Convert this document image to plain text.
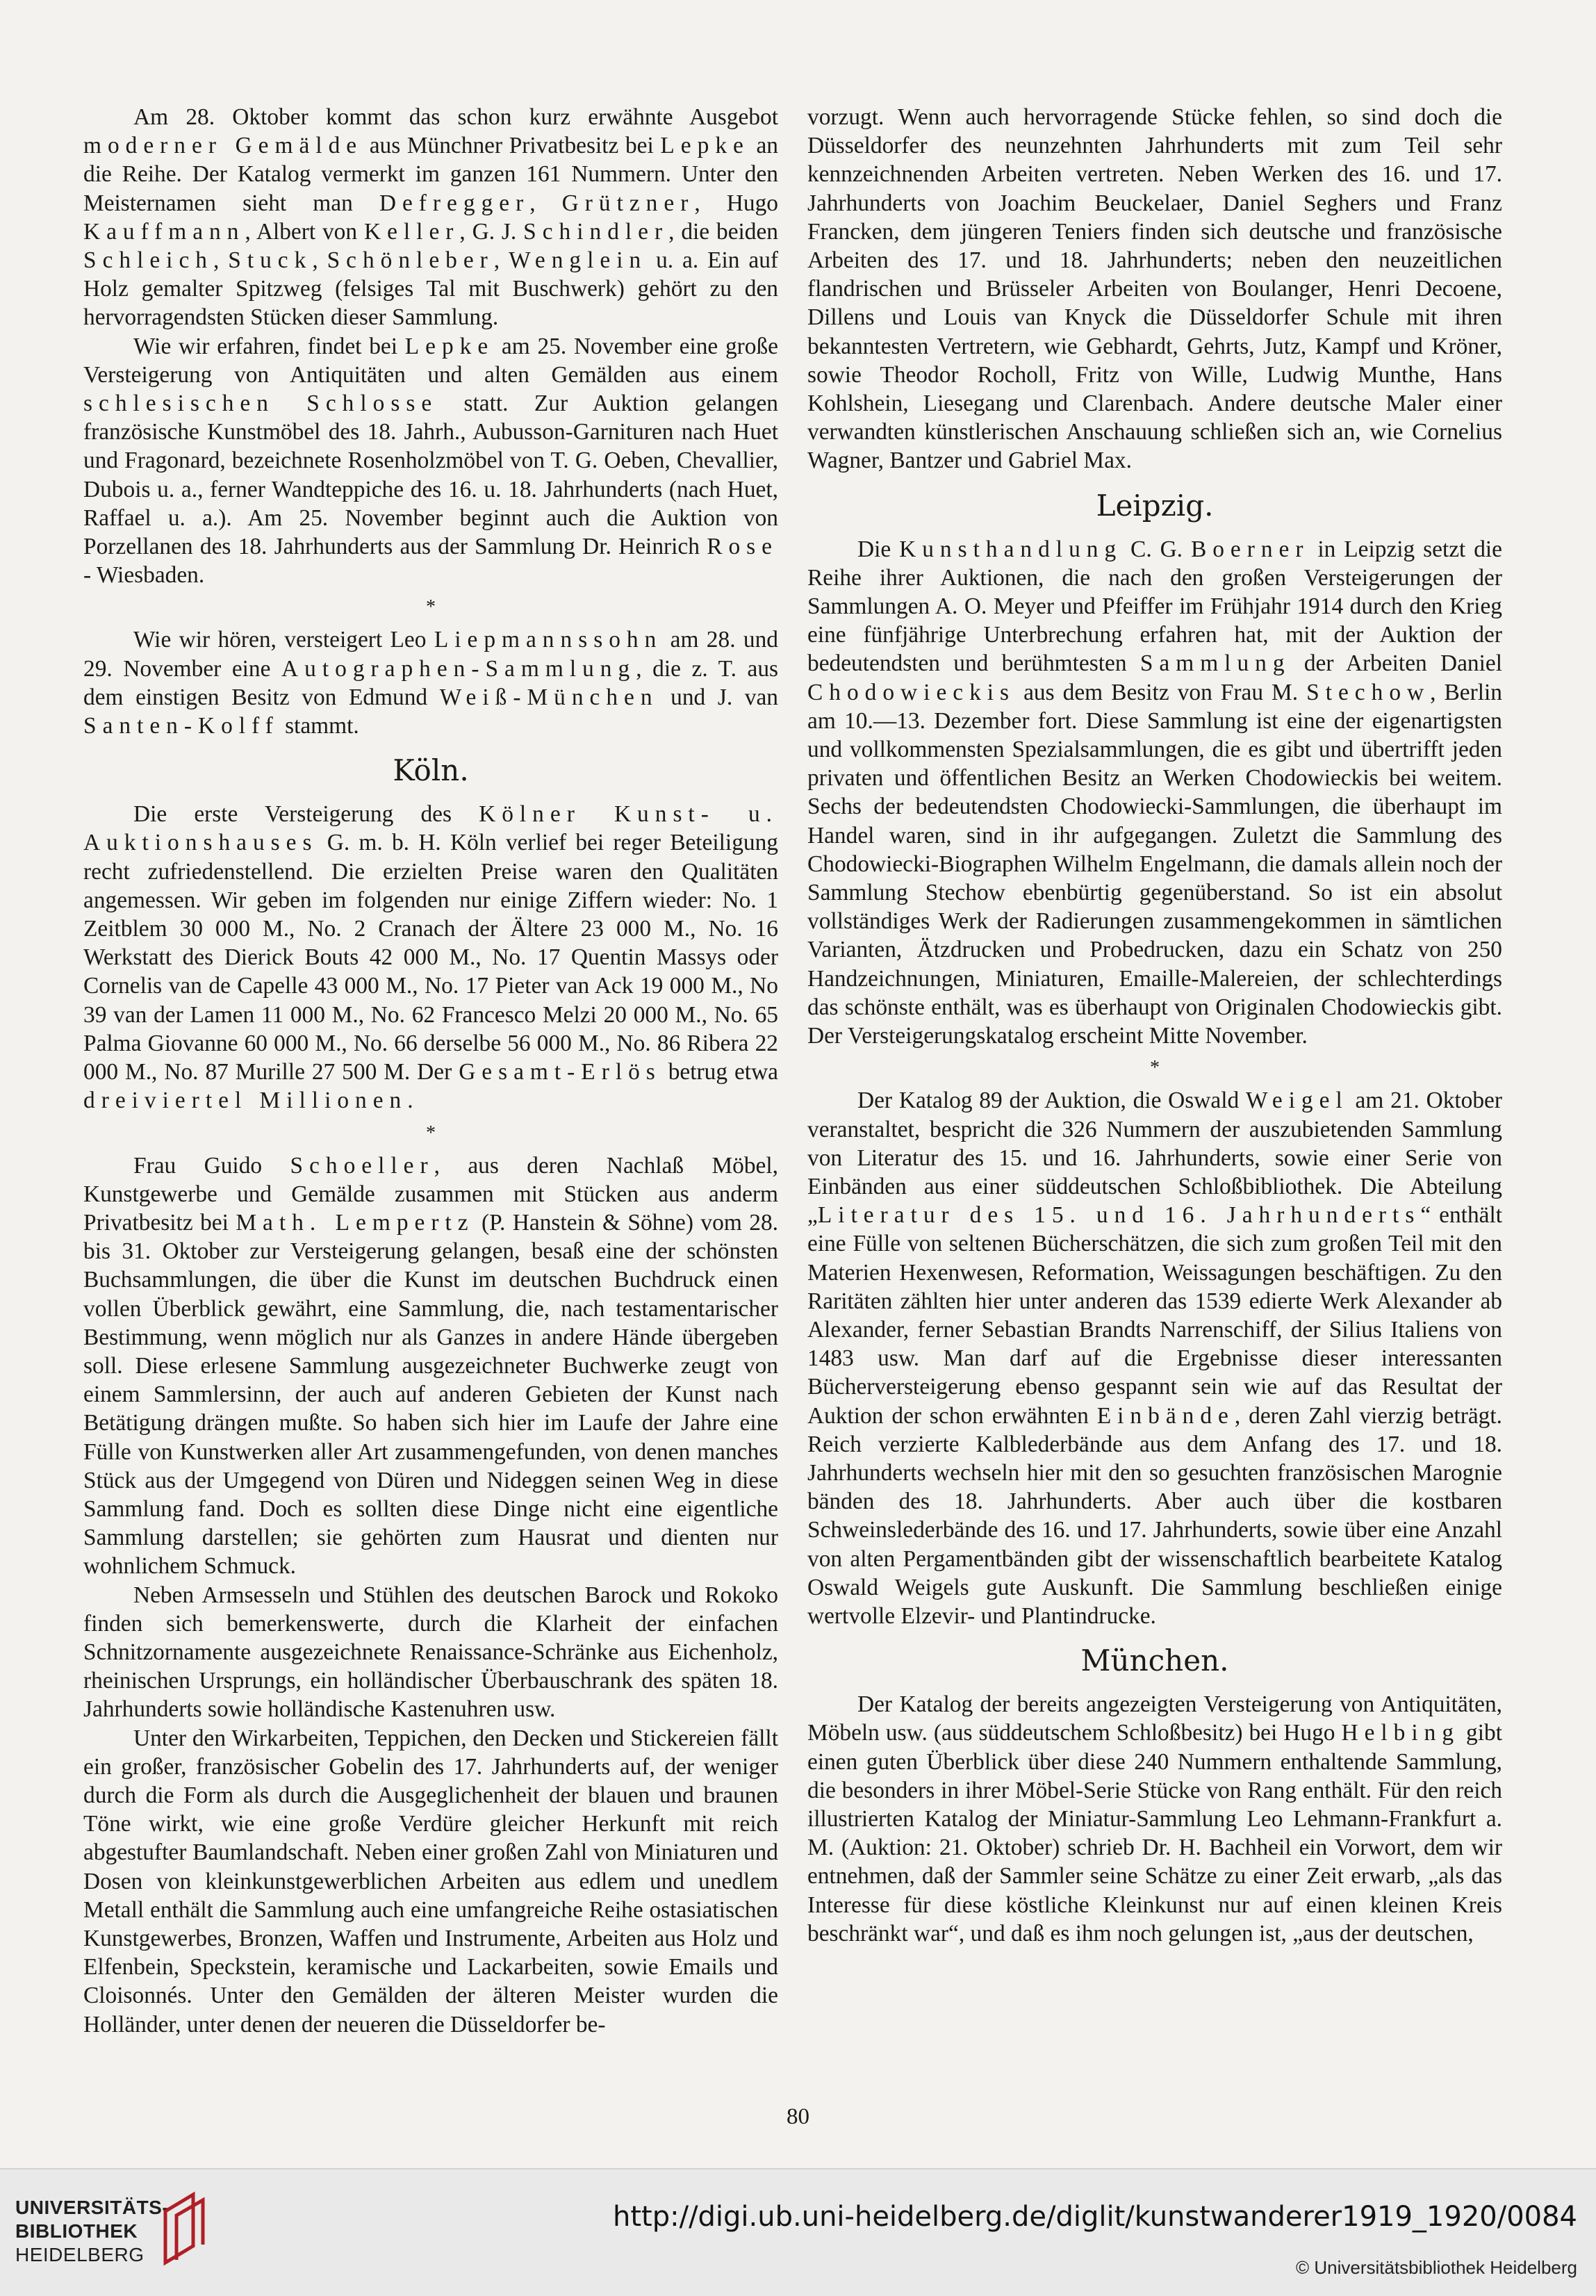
Am 28. Oktober kommt das schon kurz erwähnte Ausgebot moderner Gemälde aus Münchner Privatbesitz bei Lepke an die Reihe. Der Katalog vermerkt im ganzen 161 Nummern. Unter den Meisternamen sieht man Defregger, Grützner, Hugo Kauffmann, Albert von Keller, G. J. Schindler, die beiden Schleich, Stuck, Schönleber, Wenglein u. a. Ein auf Holz gemalter Spitzweg (felsiges Tal mit Buschwerk) gehört zu den hervorragendsten Stücken dieser Sammlung.

Wie wir erfahren, findet bei Lepke am 25. November eine große Versteigerung von Antiquitäten und alten Gemälden aus einem schlesischen Schlosse statt. Zur Auktion gelangen französische Kunstmöbel des 18. Jahrh., Aubusson-Garnituren nach Huet und Fragonard, bezeichnete Rosenholzmöbel von T. G. Oeben, Chevallier, Dubois u. a., ferner Wandteppiche des 16. u. 18. Jahrhunderts (nach Huet, Raffael u. a.). Am 25. November beginnt auch die Auktion von Porzellanen des 18. Jahrhunderts aus der Sammlung Dr. Heinrich Rose - Wiesbaden.

*

Wie wir hören, versteigert Leo Liepmannssohn am 28. und 29. November eine Autographen-Sammlung, die z. T. aus dem einstigen Besitz von Edmund Weiß-München und J. van Santen-Kolff stammt.

Köln.

Die erste Versteigerung des Kölner Kunst- u. Auktionshauses G. m. b. H. Köln verlief bei reger Beteiligung recht zufriedenstellend. Die erzielten Preise waren den Qualitäten angemessen. Wir geben im folgenden nur einige Ziffern wieder: No. 1 Zeitblem 30 000 M., No. 2 Cranach der Ältere 23 000 M., No. 16 Werkstatt des Dierick Bouts 42 000 M., No. 17 Quentin Massys oder Cornelis van de Capelle 43 000 M., No. 17 Pieter van Ack 19 000 M., No 39 van der Lamen 11 000 M., No. 62 Francesco Melzi 20 000 M., No. 65 Palma Giovanne 60 000 M., No. 66 derselbe 56 000 M., No. 86 Ribera 22 000 M., No. 87 Murille 27 500 M. Der Gesamt-Erlös betrug etwa dreiviertel Millionen.

*

Frau Guido Schoeller, aus deren Nachlaß Möbel, Kunstgewerbe und Gemälde zusammen mit Stücken aus anderm Privatbesitz bei Math. Lempertz (P. Hanstein & Söhne) vom 28. bis 31. Oktober zur Versteigerung gelangen, besaß eine der schönsten Buchsammlungen, die über die Kunst im deutschen Buchdruck einen vollen Überblick gewährt, eine Sammlung, die, nach testamentarischer Bestimmung, wenn möglich nur als Ganzes in andere Hände übergeben soll. Diese erlesene Sammlung ausgezeichneter Buchwerke zeugt von einem Sammlersinn, der auch auf anderen Gebieten der Kunst nach Betätigung drängen mußte. So haben sich hier im Laufe der Jahre eine Fülle von Kunstwerken aller Art zusammengefunden, von denen manches Stück aus der Umgegend von Düren und Nideggen seinen Weg in diese Sammlung fand. Doch es sollten diese Dinge nicht eine eigentliche Sammlung darstellen; sie gehörten zum Hausrat und dienten nur wohnlichem Schmuck.

Neben Armsesseln und Stühlen des deutschen Barock und Rokoko finden sich bemerkenswerte, durch die Klarheit der einfachen Schnitzornamente ausgezeichnete Renaissance-Schränke aus Eichenholz, rheinischen Ursprungs, ein holländischer Überbauschrank des späten 18. Jahrhunderts sowie holländische Kastenuhren usw.

Unter den Wirkarbeiten, Teppichen, den Decken und Stickereien fällt ein großer, französischer Gobelin des 17. Jahrhunderts auf, der weniger durch die Form als durch die Ausgeglichenheit der blauen und braunen Töne wirkt, wie eine große Verdüre gleicher Herkunft mit reich abgestufter Baumlandschaft. Neben einer großen Zahl von Miniaturen und Dosen von kleinkunstgewerblichen Arbeiten aus edlem und unedlem Metall enthält die Sammlung auch eine umfangreiche Reihe ostasiatischen Kunstgewerbes, Bronzen, Waffen und Instrumente, Arbeiten aus Holz und Elfenbein, Speckstein, keramische und Lackarbeiten, sowie Emails und Cloisonnés. Unter den Gemälden der älteren Meister wurden die Holländer, unter denen der neueren die Düsseldorfer be-

vorzugt. Wenn auch hervorragende Stücke fehlen, so sind doch die Düsseldorfer des neunzehnten Jahrhunderts mit zum Teil sehr kennzeichnenden Arbeiten vertreten. Neben Werken des 16. und 17. Jahrhunderts von Joachim Beuckelaer, Daniel Seghers und Franz Francken, dem jüngeren Teniers finden sich deutsche und französische Arbeiten des 17. und 18. Jahrhunderts; neben den neuzeitlichen flandrischen und Brüsseler Arbeiten von Boulanger, Henri Decoene, Dillens und Louis van Knyck die Düsseldorfer Schule mit ihren bekanntesten Vertretern, wie Gebhardt, Gehrts, Jutz, Kampf und Kröner, sowie Theodor Rocholl, Fritz von Wille, Ludwig Munthe, Hans Kohlshein, Liesegang und Clarenbach. Andere deutsche Maler einer verwandten künstlerischen Anschauung schließen sich an, wie Cornelius Wagner, Bantzer und Gabriel Max.

Leipzig.

Die Kunsthandlung C. G. Boerner in Leipzig setzt die Reihe ihrer Auktionen, die nach den großen Versteigerungen der Sammlungen A. O. Meyer und Pfeiffer im Frühjahr 1914 durch den Krieg eine fünfjährige Unterbrechung erfahren hat, mit der Auktion der bedeutendsten und berühmtesten Sammlung der Arbeiten Daniel Chodowieckis aus dem Besitz von Frau M. Stechow, Berlin am 10.—13. Dezember fort. Diese Sammlung ist eine der eigenartigsten und vollkommensten Spezialsammlungen, die es gibt und übertrifft jeden privaten und öffentlichen Besitz an Werken Chodowieckis bei weitem. Sechs der bedeutendsten Chodowiecki-Sammlungen, die überhaupt im Handel waren, sind in ihr aufgegangen. Zuletzt die Sammlung des Chodowiecki-Biographen Wilhelm Engelmann, die damals allein noch der Sammlung Stechow ebenbürtig gegenüberstand. So ist ein absolut vollständiges Werk der Radierungen zusammengekommen in sämtlichen Varianten, Ätzdrucken und Probedrucken, dazu ein Schatz von 250 Handzeichnungen, Miniaturen, Emaille-Malereien, der schlechterdings das schönste enthält, was es überhaupt von Originalen Chodowieckis gibt. Der Versteigerungskatalog erscheint Mitte November.

*

Der Katalog 89 der Auktion, die Oswald Weigel am 21. Oktober veranstaltet, bespricht die 326 Nummern der auszubietenden Sammlung von Literatur des 15. und 16. Jahrhunderts, sowie einer Serie von Einbänden aus einer süddeutschen Schloßbibliothek. Die Abteilung „Literatur des 15. und 16. Jahrhunderts“ enthält eine Fülle von seltenen Bücherschätzen, die sich zum großen Teil mit den Materien Hexenwesen, Reformation, Weissagungen beschäftigen. Zu den Raritäten zählten hier unter anderen das 1539 edierte Werk Alexander ab Alexander, ferner Sebastian Brandts Narrenschiff, der Silius Italiens von 1483 usw. Man darf auf die Ergebnisse dieser interessanten Bücherversteigerung ebenso gespannt sein wie auf das Resultat der Auktion der schon erwähnten Einbände, deren Zahl vierzig beträgt. Reich verzierte Kalblederbände aus dem Anfang des 17. und 18. Jahrhunderts wechseln hier mit den so gesuchten französischen Marognie bänden des 18. Jahrhunderts. Aber auch über die kostbaren Schweinslederbände des 16. und 17. Jahrhunderts, sowie über eine Anzahl von alten Pergamentbänden gibt der wissenschaftlich bearbeitete Katalog Oswald Weigels gute Auskunft. Die Sammlung beschließen einige wertvolle Elzevir- und Plantindrucke.

München.

Der Katalog der bereits angezeigten Versteigerung von Antiquitäten, Möbeln usw. (aus süddeutschem Schloßbesitz) bei Hugo Helbing gibt einen guten Überblick über diese 240 Nummern enthaltende Sammlung, die besonders in ihrer Möbel-Serie Stücke von Rang enthält. Für den reich illustrierten Katalog der Miniatur-Sammlung Leo Lehmann-Frankfurt a. M. (Auktion: 21. Oktober) schrieb Dr. H. Bachheil ein Vorwort, dem wir entnehmen, daß der Sammler seine Schätze zu einer Zeit erwarb, „als das Interesse für diese köstliche Kleinkunst nur auf einen kleinen Kreis beschränkt war“, und daß es ihm noch gelungen ist, „aus der deutschen,

80
UNIVERSITÄTS-
BIBLIOTHEK
HEIDELBERG
http://digi.ub.uni-heidelberg.de/diglit/kunstwanderer1919_1920/0084
© Universitätsbibliothek Heidelberg
